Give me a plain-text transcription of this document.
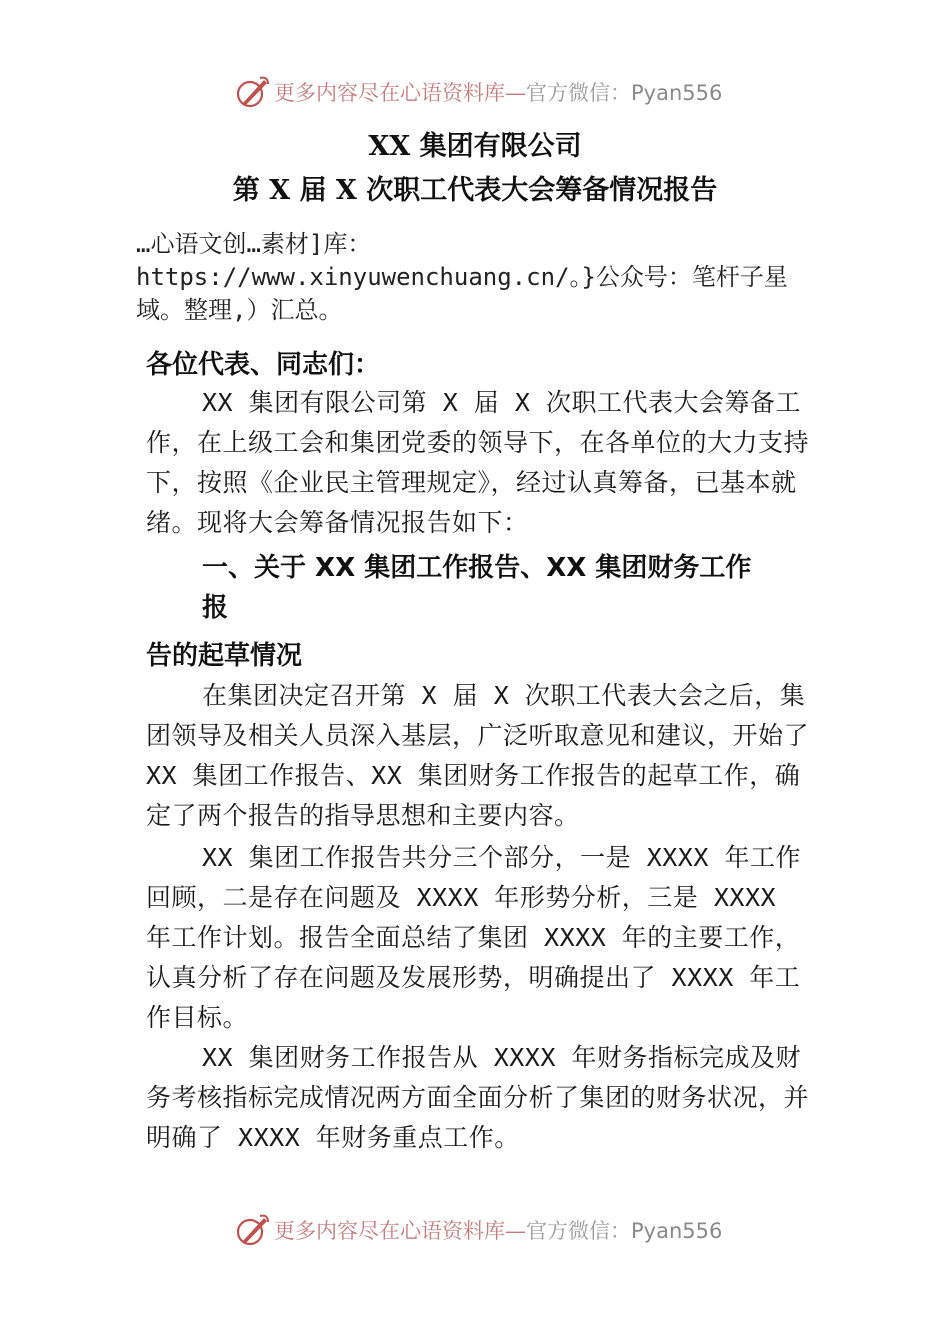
更多内容尽在心语资料库—官方微信：Pyan556
XX 集团有限公司
第 X 届 X 次职工代表大会筹备情况报告
…心语文创…素材]库：https://www.xinyuwenchuang.cn/。}公众号：笔杆子星域。整理,）汇总。
各位代表、同志们：
XX 集团有限公司第 X 届 X 次职工代表大会筹备工作，在上级工会和集团党委的领导下，在各单位的大力支持下，按照《企业民主管理规定》，经过认真筹备，已基本就绪。现将大会筹备情况报告如下：
一、关于 XX 集团工作报告、XX 集团财务工作
报
告的起草情况
在集团决定召开第 X 届 X 次职工代表大会之后，集团领导及相关人员深入基层，广泛听取意见和建议，开始了 XX 集团工作报告、XX 集团财务工作报告的起草工作，确定了两个报告的指导思想和主要内容。
XX 集团工作报告共分三个部分，一是 XXXX 年工作回顾，二是存在问题及 XXXX 年形势分析，三是 XXXX 年工作计划。报告全面总结了集团 XXXX 年的主要工作，认真分析了存在问题及发展形势，明确提出了 XXXX 年工作目标。
XX 集团财务工作报告从 XXXX 年财务指标完成及财务考核指标完成情况两方面全面分析了集团的财务状况，并明确了 XXXX 年财务重点工作。
更多内容尽在心语资料库—官方微信：Pyan556
